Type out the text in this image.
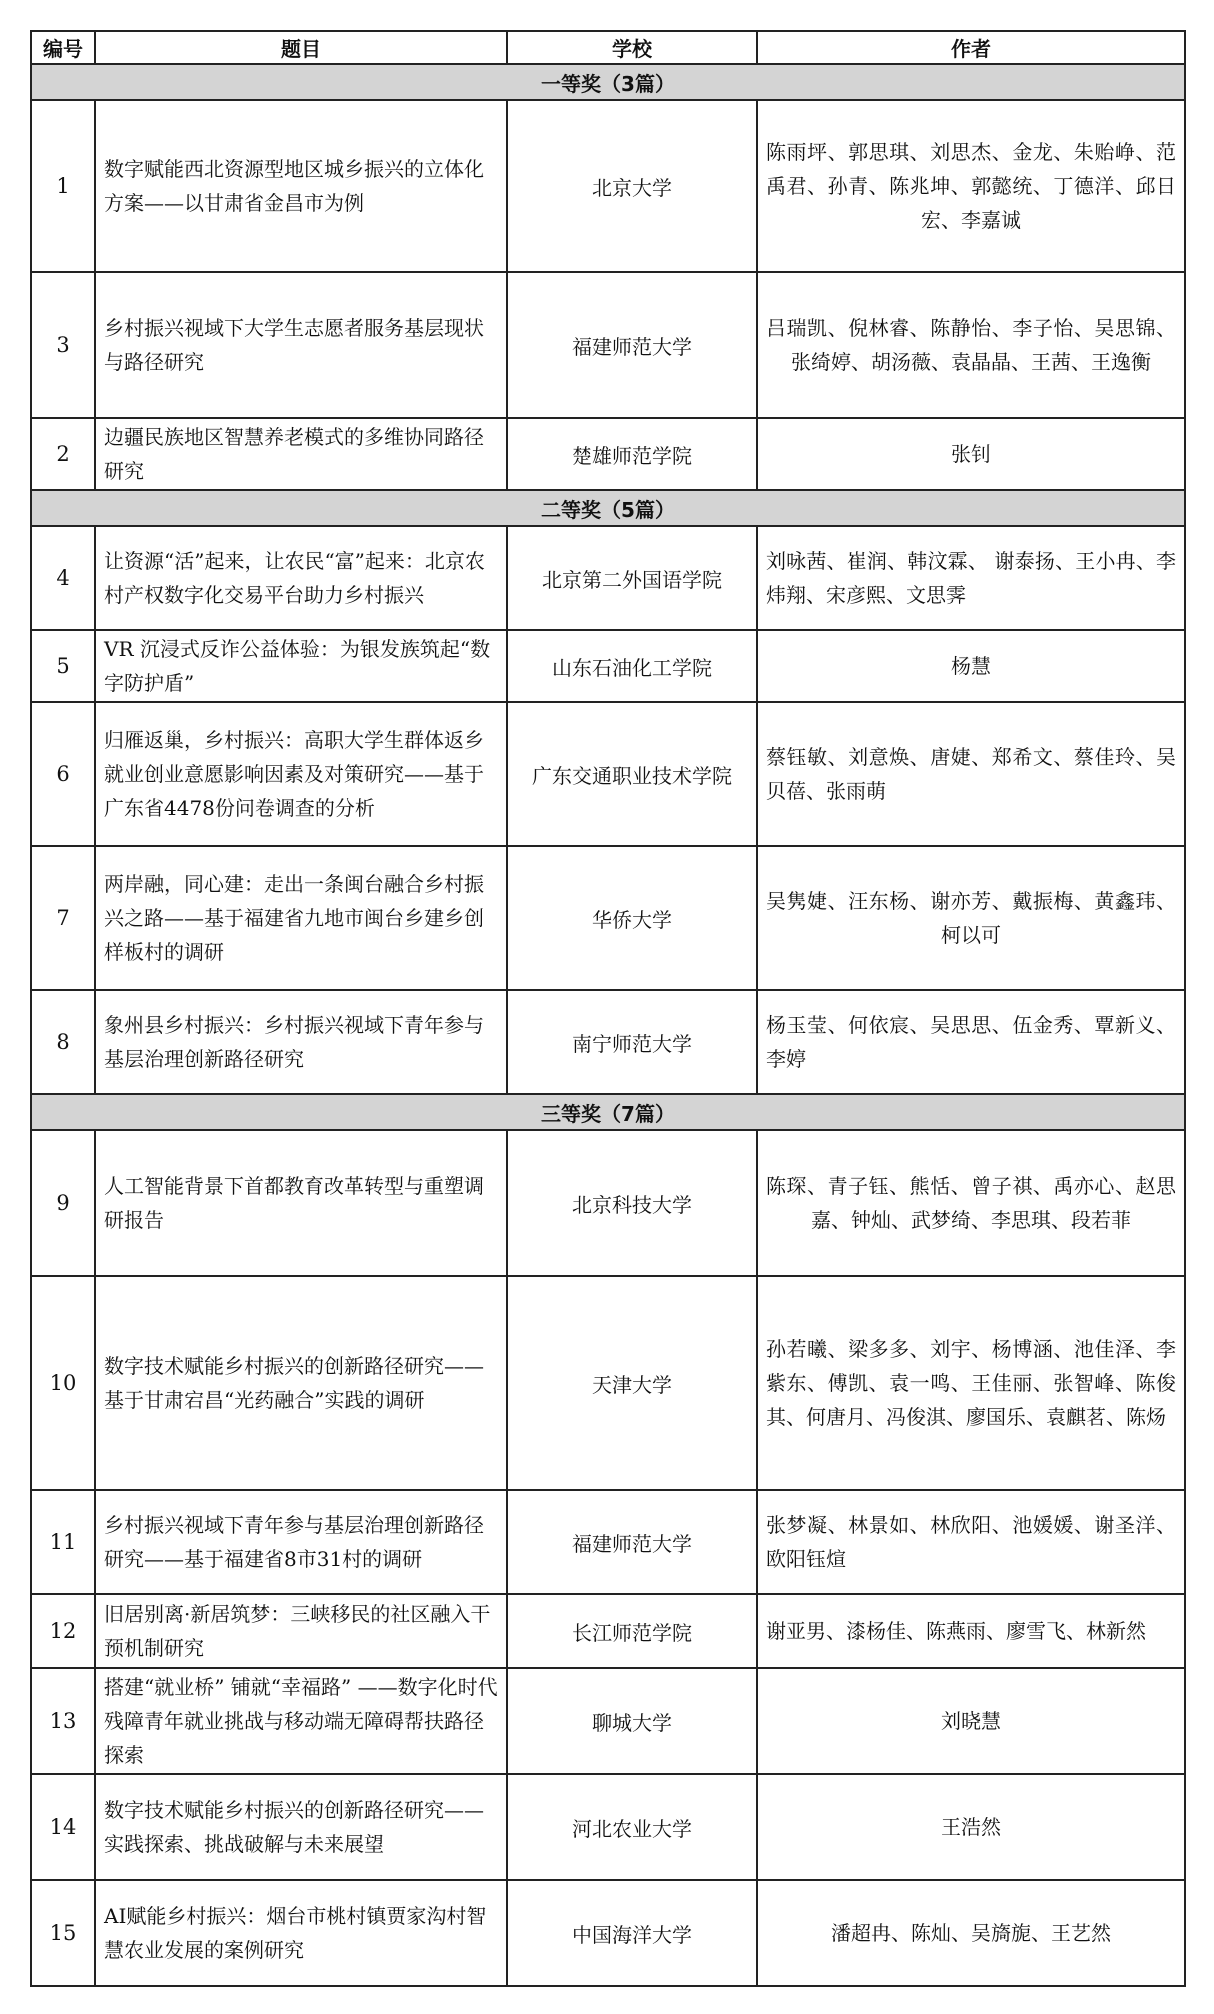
编号	题目	学校	作者
一等奖（3篇）			
1	数字赋能西北资源型地区城乡振兴的立体化方案——以甘肃省金昌市为例	北京大学	陈雨坪、郭思琪、刘思杰、金龙、朱贻峥、范禹君、孙青、陈兆坤、郭懿统、丁德洋、邱日宏、李嘉诚
3	乡村振兴视域下大学生志愿者服务基层现状与路径研究	福建师范大学	吕瑞凯、倪林睿、陈静怡、李子怡、吴思锦、张绮婷、胡汤薇、袁晶晶、王茜、王逸衡
2	边疆民族地区智慧养老模式的多维协同路径研究	楚雄师范学院	张钊
二等奖（5篇）			
4	让资源“活”起来，让农民“富”起来：北京农村产权数字化交易平台助力乡村振兴	北京第二外国语学院	刘咏茜、崔润、韩汶霖、 谢泰扬、王小冉、李炜翔、宋彦熙、文思霁
5	VR 沉浸式反诈公益体验：为银发族筑起“数字防护盾”	山东石油化工学院	杨慧
6	归雁返巢，乡村振兴：高职大学生群体返乡就业创业意愿影响因素及对策研究——基于广东省4478份问卷调查的分析	广东交通职业技术学院	蔡钰敏、刘意焕、唐婕、郑希文、蔡佳玲、吴贝蓓、张雨萌
7	两岸融，同心建：走出一条闽台融合乡村振兴之路——基于福建省九地市闽台乡建乡创样板村的调研	华侨大学	吴隽婕、汪东杨、谢亦芳、戴振梅、黄鑫玮、柯以可
8	象州县乡村振兴：乡村振兴视域下青年参与基层治理创新路径研究	南宁师范大学	杨玉莹、何依宸、吴思思、伍金秀、覃新义、李婷
三等奖（7篇）			
9	人工智能背景下首都教育改革转型与重塑调研报告	北京科技大学	陈琛、青子钰、熊恬、曾子祺、禹亦心、赵思嘉、钟灿、武梦绮、李思琪、段若菲
10	数字技术赋能乡村振兴的创新路径研究——基于甘肃宕昌“光药融合”实践的调研	天津大学	孙若曦、梁多多、刘宇、杨博涵、池佳泽、李紫东、傅凯、袁一鸣、王佳丽、张智峰、陈俊其、何唐月、冯俊淇、廖国乐、袁麒茗、陈炀
11	乡村振兴视域下青年参与基层治理创新路径研究——基于福建省8市31村的调研	福建师范大学	张梦凝、林景如、林欣阳、池媛媛、谢圣洋、欧阳钰煊
12	旧居别离·新居筑梦：三峡移民的社区融入干预机制研究	长江师范学院	谢亚男、漆杨佳、陈燕雨、廖雪飞、林新然
13	搭建“就业桥” 铺就“幸福路” ——数字化时代残障青年就业挑战与移动端无障碍帮扶路径探索	聊城大学	刘晓慧
14	数字技术赋能乡村振兴的创新路径研究——实践探索、挑战破解与未来展望	河北农业大学	王浩然
15	AI赋能乡村振兴：烟台市桃村镇贾家沟村智慧农业发展的案例研究	中国海洋大学	潘超冉、陈灿、吴旖旎、王艺然
